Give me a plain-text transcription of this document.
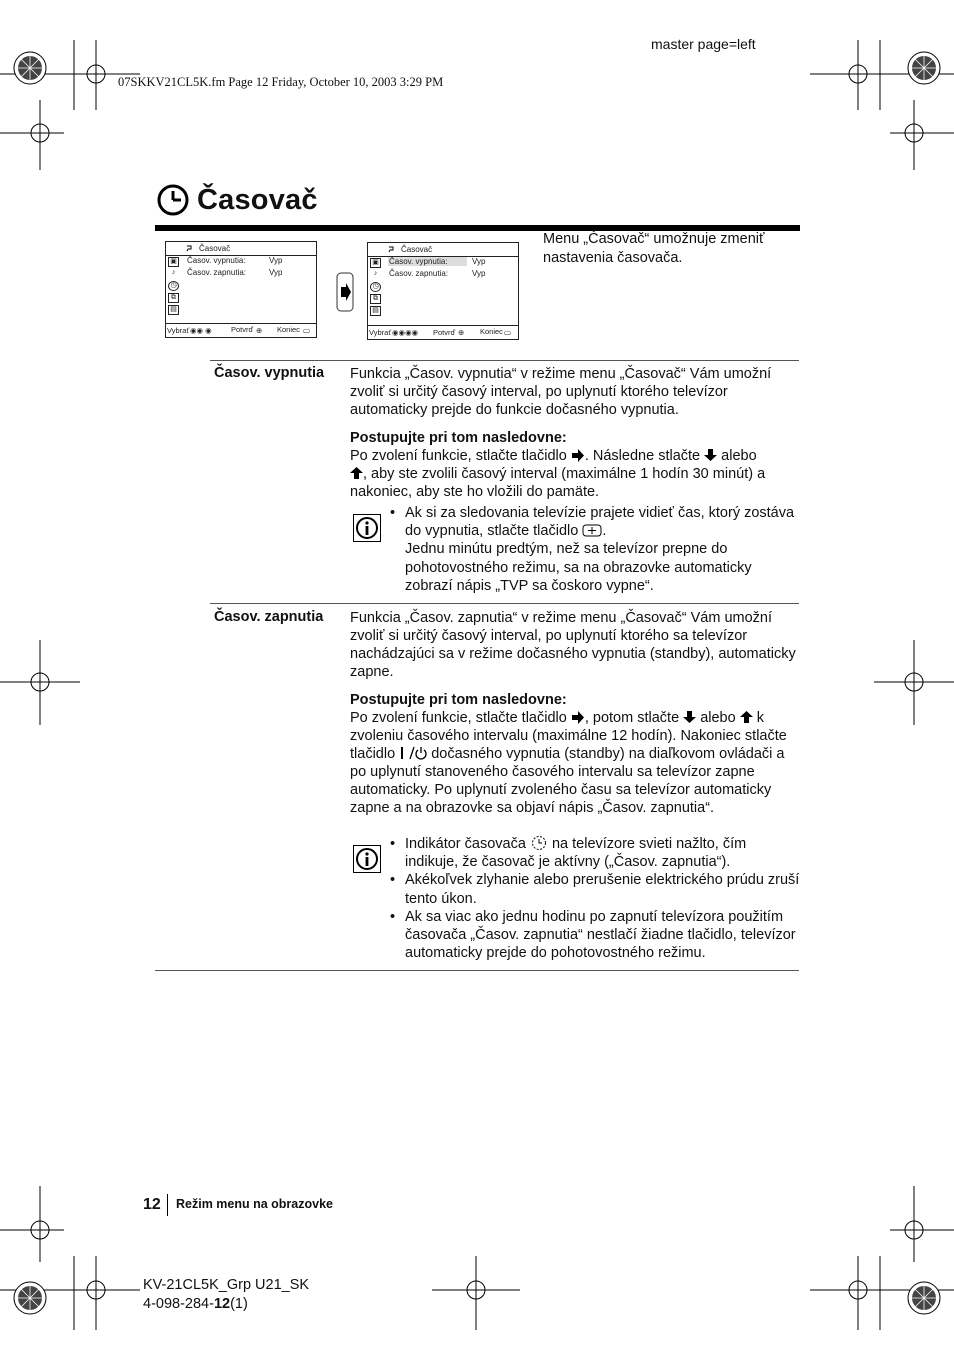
master page=left
07SKKV21CL5K.fm Page 12 Friday, October 10, 2003 3:29 PM
Časovač
Časovač
▣
♪
◷
⧉
▤
Časov. vypnutia:	Vyp
Časov. zapnutia:	Vyp
Vybrať ◉◉ ◉	Potvrď ⊕ Koniec ▭
Časovač
▣
♪
◷
⧉
▤
Časov. vypnutia:	Vyp
Časov. zapnutia:	Vyp
Vybrať ◉◉◉◉ Potvrď ⊕ Koniec ▭
Menu „Časovač“ umožnuje zmeniť nastavenia časovača.
Časov. vypnutia Funkcia „Časov. vypnutia“ v režime menu „Časovač“ Vám umožní zvoliť si určitý časový interval, po uplynutí ktorého televízor automaticky prejde do funkcie dočasného vypnutia.

Postupujte pri tom nasledovne:
Po zvolení funkcie, stlačte tlačidlo . Následne stlačte alebo
, aby ste zvolili časový interval (maximálne 1 hodín 30 minút) a nakoniec, aby ste ho vložili do pamäte.

• Ak si za sledovania televízie prajete vidieť čas, ktorý zostáva do vypnutia, stlačte tlačidlo .
Jednu minútu predtým, než sa televízor prepne do pohotovostného režimu, sa na obrazovke automaticky zobrazí nápis „TVP sa čoskoro vypne“.
Časov. zapnutia Funkcia „Časov. zapnutia“ v režime menu „Časovač“ Vám umožní zvoliť si určitý časový interval, po uplynutí ktorého sa televízor nachádzajúci sa v režime dočasného vypnutia (standby), automaticky zapne.

Postupujte pri tom nasledovne:
Po zvolení funkcie, stlačte tlačidlo , potom stlačte alebo k zvoleniu časového intervalu (maximálne 12 hodín). Nakoniec stlačte tlačidlo dočasného vypnutia (standby) na diaľkovom ovládači a po uplynutí stanoveného časového intervalu sa televízor zapne automaticky. Po uplynutí zvoleného času sa televízor automaticky zapne a na obrazovke sa objaví nápis „Časov. zapnutia“.

• Indikátor časovača na televízore svieti nažlto, čím indikuje, že časovač je aktívny („Časov. zapnutia“).
• Akékoľvek zlyhanie alebo prerušenie elektrického prúdu zruší tento úkon.
• Ak sa viac ako jednu hodinu po zapnutí televízora použitím časovača „Časov. zapnutia“ nestlačí žiadne tlačidlo, televízor automaticky prejde do pohotovostného režimu.
12 Režim menu na obrazovke
KV-21CL5K_Grp U21_SK
4-098-284-12(1)
